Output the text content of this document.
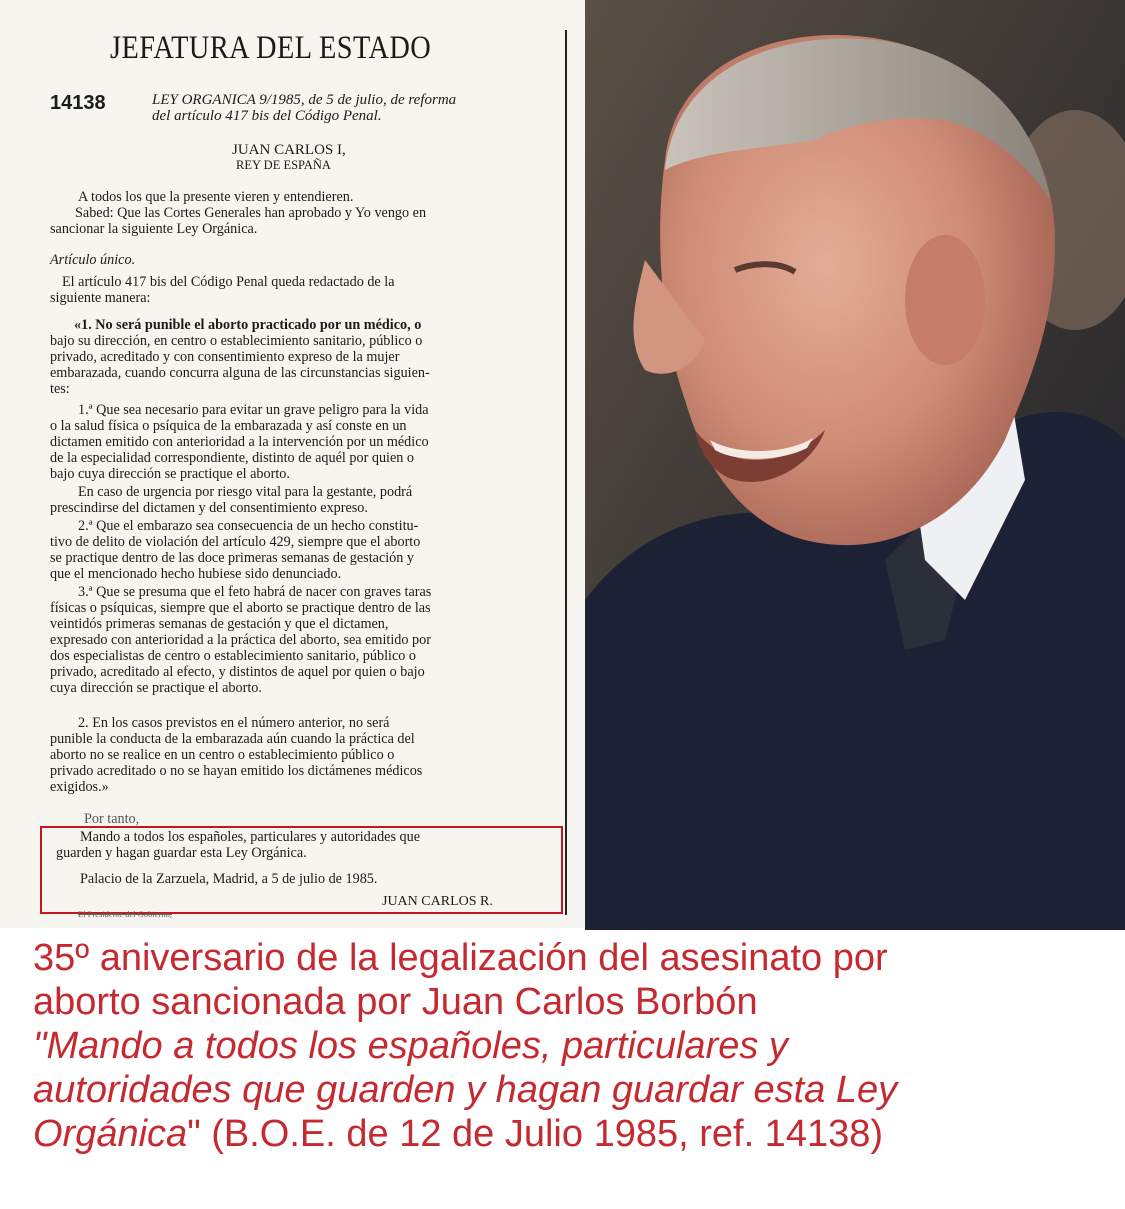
JEFATURA DEL ESTADO
14138	LEY ORGANICA 9/1985, de 5 de julio, de reforma
del artículo 417 bis del Código Penal.
JUAN CARLOS I,
REY DE ESPAÑA
A todos los que la presente vieren y entendieren.
Sabed: Que las Cortes Generales han aprobado y Yo vengo en
sancionar la siguiente Ley Orgánica.
Artículo único.
El artículo 417 bis del Código Penal queda redactado de la
siguiente manera:
«1. No será punible el aborto practicado por un médico, o
bajo su dirección, en centro o establecimiento sanitario, público o
privado, acreditado y con consentimiento expreso de la mujer
embarazada, cuando concurra alguna de las circunstancias siguien-
tes:
1.ª Que sea necesario para evitar un grave peligro para la vida
o la salud física o psíquica de la embarazada y así conste en un
dictamen emitido con anterioridad a la intervención por un médico
de la especialidad correspondiente, distinto de aquél por quien o
bajo cuya dirección se practique el aborto.
En caso de urgencia por riesgo vital para la gestante, podrá
prescindirse del dictamen y del consentimiento expreso.
2.ª Que el embarazo sea consecuencia de un hecho constitu-
tivo de delito de violación del artículo 429, siempre que el aborto
se practique dentro de las doce primeras semanas de gestación y
que el mencionado hecho hubiese sido denunciado.
3.ª Que se presuma que el feto habrá de nacer con graves taras
físicas o psíquicas, siempre que el aborto se practique dentro de las
veintidós primeras semanas de gestación y que el dictamen,
expresado con anterioridad a la práctica del aborto, sea emitido por
dos especialistas de centro o establecimiento sanitario, público o
privado, acreditado al efecto, y distintos de aquel por quien o bajo
cuya dirección se practique el aborto.
2. En los casos previstos en el número anterior, no será
punible la conducta de la embarazada aún cuando la práctica del
aborto no se realice en un centro o establecimiento público o
privado acreditado o no se hayan emitido los dictámenes médicos
exigidos.»
Por tanto,
Mando a todos los españoles, particulares y autoridades que
guarden y hagan guardar esta Ley Orgánica.
Palacio de la Zarzuela, Madrid, a 5 de julio de 1985.
JUAN CARLOS R.
El Presidente del Gobierno,
35º aniversario de la legalización del asesinato por
aborto sancionada por Juan Carlos Borbón
"Mando a todos los españoles, particulares y
autoridades que guarden y hagan guardar esta Ley
Orgánica" (B.O.E. de 12 de Julio 1985, ref. 14138)
